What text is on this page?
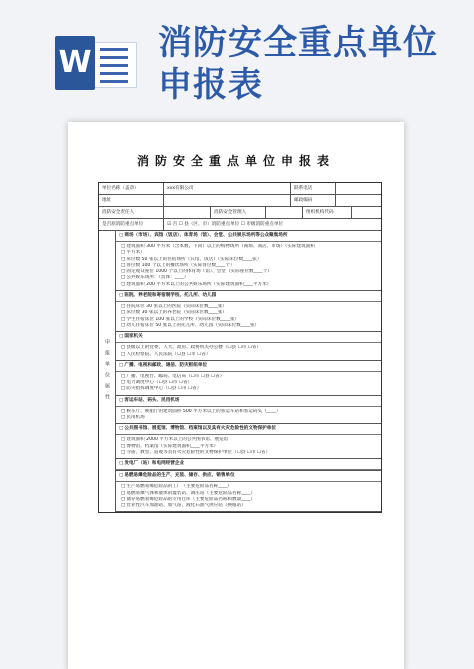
W 消防安全重点单位
申报表
消防安全重点单位申报表
单位名称（盖章）	xxx有限公司	联系电话
地址	邮政编码
消防安全责任人	消防安全管理人	组织机构代码
是否原消防重点单位	☑ 否 ☐ 县（区、市）消防重点单位 ☐ 市级消防重点单位
申报单位属性
□ 商场（市场）、宾馆（饭店）、体育场（馆）、会堂、公共娱乐场所等公众聚集场所
□ 建筑面积 300 平方米（含本数，下同）以上的购物场所（商场、商店、市场）（实际建筑面积
□ 平方米）
□ 床位数 50 张以上的住宿场所（宾馆、饭店）（实际床位数____张）
□ 客位数 100 个以上的餐饮场所（实际客位数____个）
□ 固定观众座位 1000 个以上的体育场（馆）、会堂（实际座位数____个）
□ 公共娱乐场所：（具体：____）
□ 建筑面积 200 平方米以上的公共娱乐场所（实际建筑面积____平方米）
□ 医院、养老院和寄宿制学校、托儿所、幼儿园
□ 住院床位 30 张以上的医院（实际床位数____张）
□ 床位数 30 张以上的养老院（实际床位数____张）
□ 学生住宿床位 100 张以上的学校（实际床位数____张）
□ 幼儿住宿床位 50 张以上的托儿所、幼儿园（实际床位数____张）
□ 国家机关
□ 县级以上的党委、人大、政府、政协机关办公楼（☐县 ☐市 ☐省）
□ 人民检察院、人民法院（☐县 ☐市 ☐省）
□ 广播、电视和邮政、通信、防灾枢纽单位
□ 广播、电视台、邮局、电信局（☐市 ☐县 ☐省）
□ 电力调度中心（☐县 ☐市 ☐省）
□ 防灾指挥调度中心（☐县 ☐市 ☐省）
□ 客运车站、码头、民用机场
□ 候车厅、候船厅的建筑面积 500 平方米以上的客运车站和客运码头（____）
□ 民用机场
□ 公共图书馆、展览馆、博物馆、档案馆以及具有火灾危险性的文物保护单位
□ 建筑面积 2000 平方米以上的公共图书馆、展览馆
□ 博物馆、档案馆（实际建筑面积____平方米）
□ 寺庙、教堂、道观等具有火灾危险性的文物保护单位（☐县 ☐市 ☐省）
□ 发电厂（站）和电网经营企业
□ 易燃易爆危险品的生产、充装、储存、供应、销售单位
□ 生产易燃易爆危险品的工厂（主要危险品名称____）
□ 易燃易爆气体和液体的灌装站、调压站（主要危险品名称____）
□ 储存易燃易爆危险品的专用仓库（主要危险品名称和数量____）
□ 营业性汽车加油站、加气站，液化石油气供应站（换瓶站）
